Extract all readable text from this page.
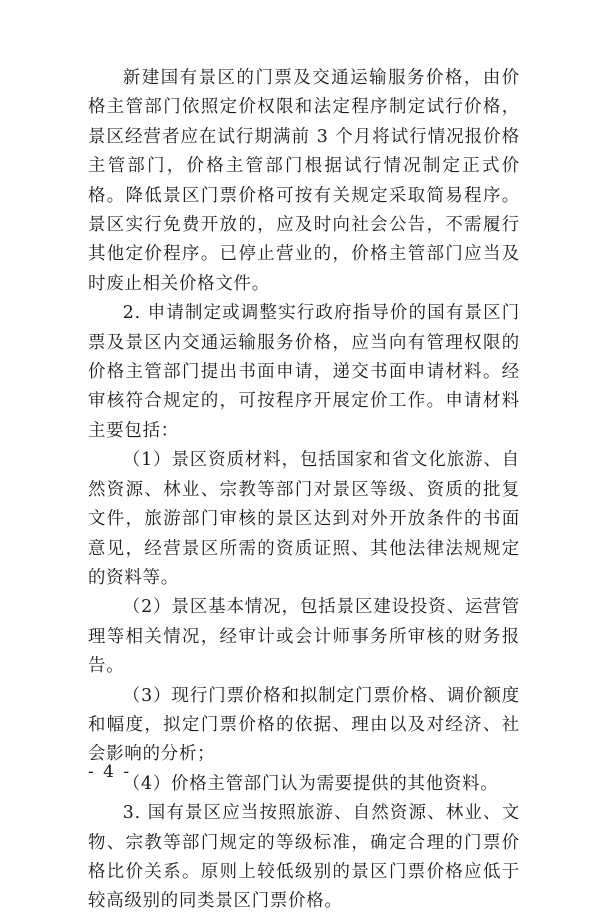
新建国有景区的门票及交通运输服务价格，由价格主管部门依照定价权限和法定程序制定试行价格，景区经营者应在试行期满前 3 个月将试行情况报价格主管部门，价格主管部门根据试行情况制定正式价格。降低景区门票价格可按有关规定采取简易程序。景区实行免费开放的，应及时向社会公告，不需履行其他定价程序。已停止营业的，价格主管部门应当及时废止相关价格文件。

2. 申请制定或调整实行政府指导价的国有景区门票及景区内交通运输服务价格，应当向有管理权限的价格主管部门提出书面申请，递交书面申请材料。经审核符合规定的，可按程序开展定价工作。申请材料主要包括：

（1）景区资质材料，包括国家和省文化旅游、自然资源、林业、宗教等部门对景区等级、资质的批复文件，旅游部门审核的景区达到对外开放条件的书面意见，经营景区所需的资质证照、其他法律法规规定的资料等。

（2）景区基本情况，包括景区建设投资、运营管理等相关情况，经审计或会计师事务所审核的财务报告。

（3）现行门票价格和拟制定门票价格、调价额度和幅度，拟定门票价格的依据、理由以及对经济、社会影响的分析；

（4）价格主管部门认为需要提供的其他资料。

3. 国有景区应当按照旅游、自然资源、林业、文物、宗教等部门规定的等级标准，确定合理的门票价格比价关系。原则上较低级别的景区门票价格应低于较高级别的同类景区门票价格。

- 4 -
